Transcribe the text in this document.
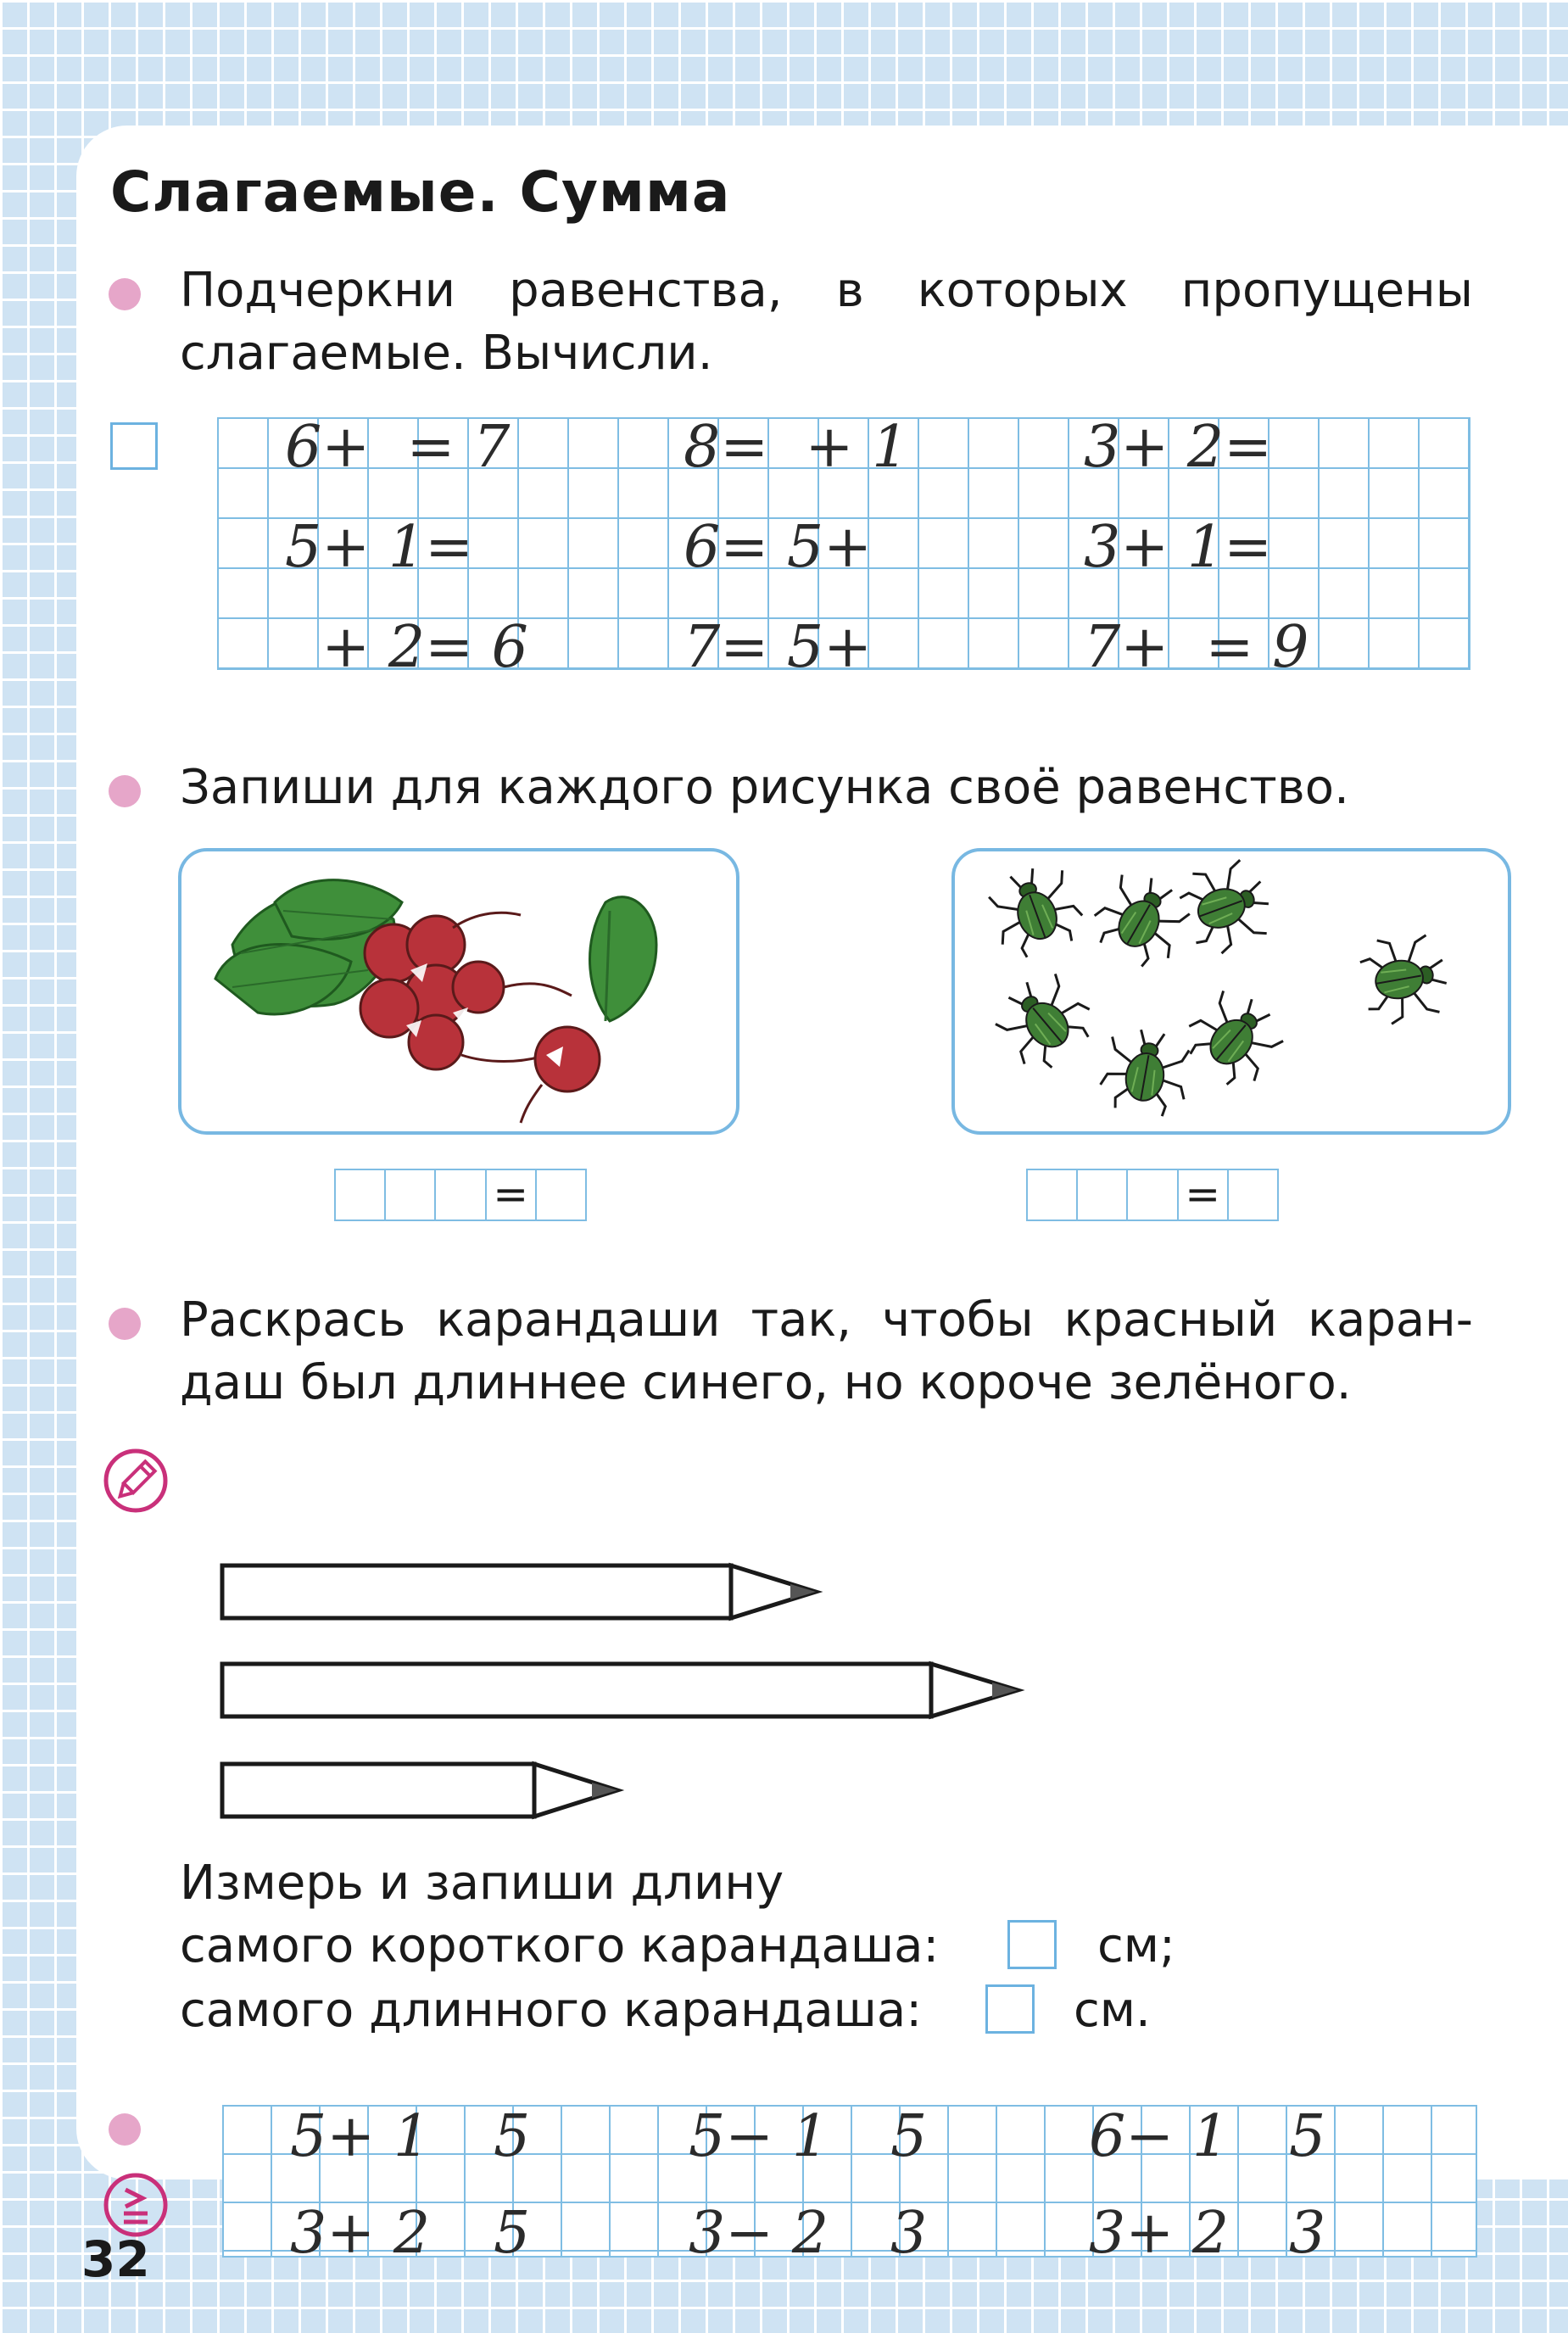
Слагаемые. Сумма
Подчеркни равенства, в которых пропущены
слагаемые. Вычисли.
6+  = 7	8=  + 1	3+ 2=
5+ 1=	6= 5+	3+ 1=
+ 2= 6	7= 5+	7+  = 9
Запиши для каждого рисунка своё равенство.
=	=
Раскрась карандаши так, чтобы красный каран-
даш был длиннее синего, но короче зелёного.
Измерь и запиши длину
самого короткого карандаша:	см;
самого длинного карандаша:	см.
5+ 1 5	5− 1 5	6− 1 5
3+ 2 5	3− 2 3	3+ 2 3
32
